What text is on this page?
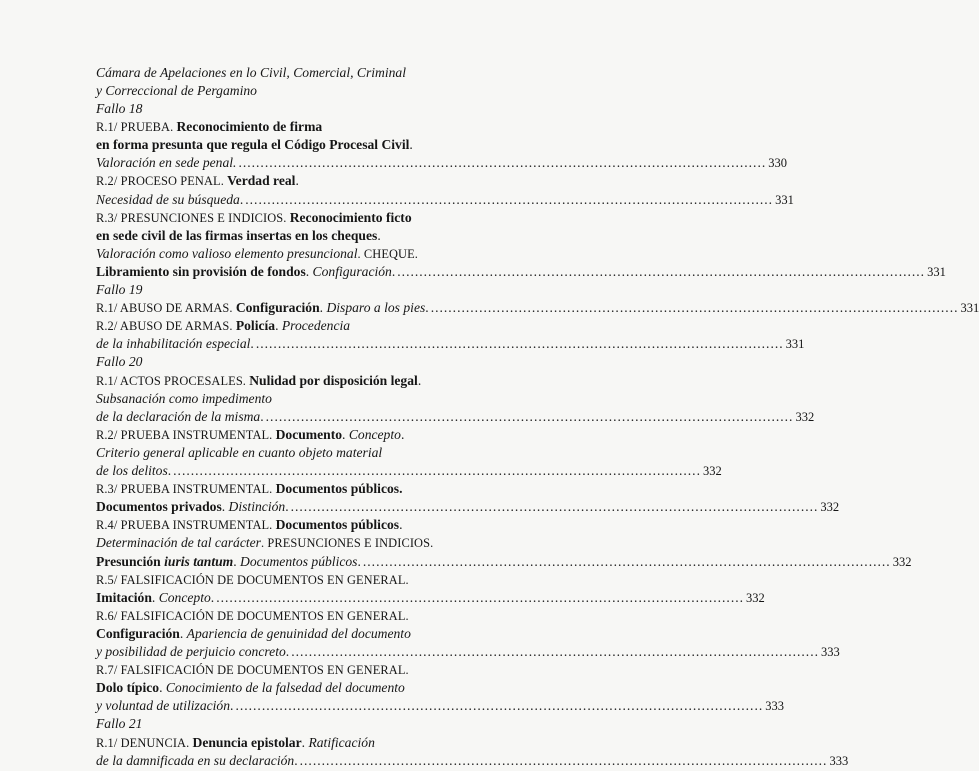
Cámara de Apelaciones en lo Civil, Comercial, Criminal
y Correccional de Pergamino
Fallo 18
R.1/ PRUEBA. Reconocimiento de firma
en forma presunta que regula el Código Procesal Civil.
Valoración en sede penal. ........................................................................................................................ 330
R.2/ PROCESO PENAL. Verdad real.
Necesidad de su búsqueda. ........................................................................................................................ 331
R.3/ PRESUNCIONES E INDICIOS. Reconocimiento ficto
en sede civil de las firmas insertas en los cheques.
Valoración como valioso elemento presuncional. CHEQUE.
Libramiento sin provisión de fondos. Configuración. ........................................................................................................................ 331
Fallo 19
R.1/ ABUSO DE ARMAS. Configuración. Disparo a los pies. ........................................................................................................................ 331
R.2/ ABUSO DE ARMAS. Policía. Procedencia
de la inhabilitación especial. ........................................................................................................................ 331
Fallo 20
R.1/ ACTOS PROCESALES. Nulidad por disposición legal.
Subsanación como impedimento
de la declaración de la misma. ........................................................................................................................ 332
R.2/ PRUEBA INSTRUMENTAL. Documento. Concepto.
Criterio general aplicable en cuanto objeto material
de los delitos. ........................................................................................................................ 332
R.3/ PRUEBA INSTRUMENTAL. Documentos públicos.
Documentos privados. Distinción. ........................................................................................................................ 332
R.4/ PRUEBA INSTRUMENTAL. Documentos públicos.
Determinación de tal carácter. PRESUNCIONES E INDICIOS.
Presunción iuris tantum. Documentos públicos. ........................................................................................................................ 332
R.5/ FALSIFICACIÓN DE DOCUMENTOS EN GENERAL.
Imitación. Concepto. ........................................................................................................................ 332
R.6/ FALSIFICACIÓN DE DOCUMENTOS EN GENERAL.
Configuración. Apariencia de genuinidad del documento
y posibilidad de perjuicio concreto. ........................................................................................................................ 333
R.7/ FALSIFICACIÓN DE DOCUMENTOS EN GENERAL.
Dolo típico. Conocimiento de la falsedad del documento
y voluntad de utilización. ........................................................................................................................ 333
Fallo 21
R.1/ DENUNCIA. Denuncia epistolar. Ratificación
de la damnificada en su declaración. ........................................................................................................................ 333
